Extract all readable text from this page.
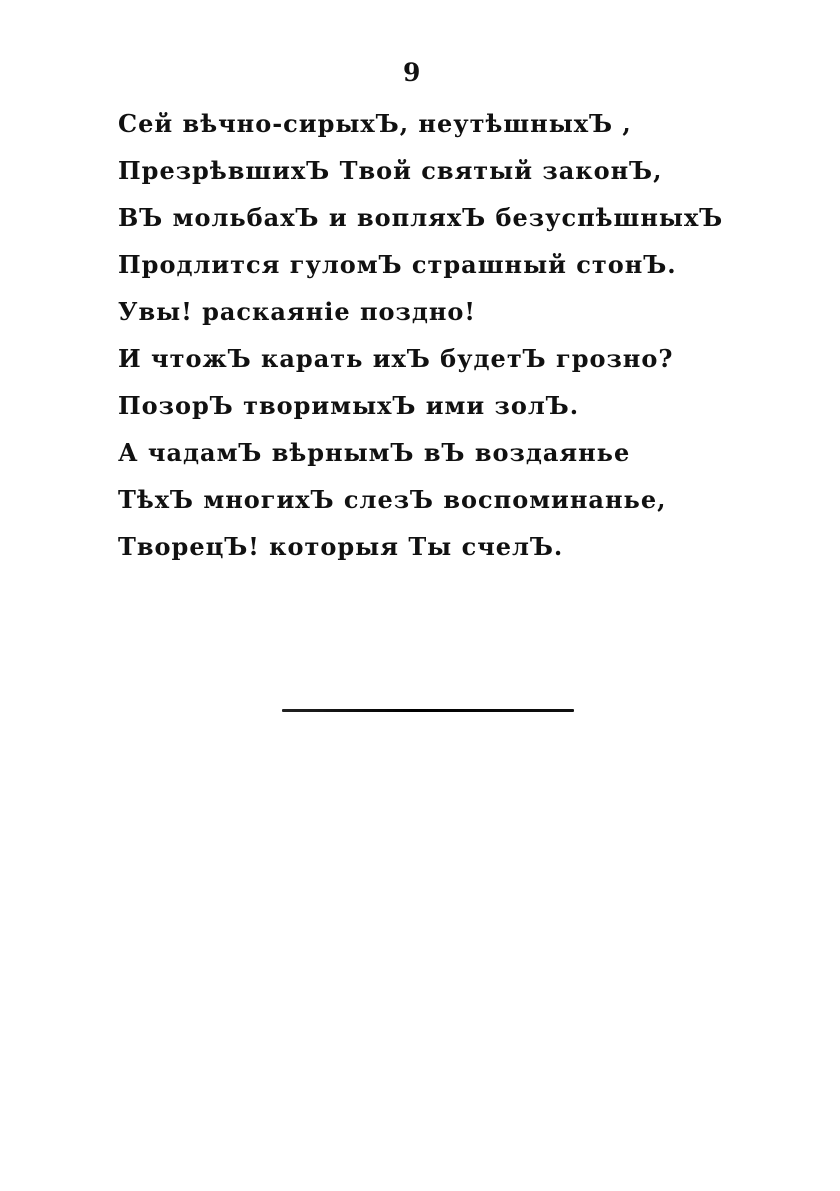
9
Сей вѣчно-сирыхЪ, неутѣшныхЪ ,
ПрезрѣвшихЪ Твой святый законЪ,
ВЪ мольбахЪ и вопляхЪ безуспѣшныхЪ
Продлится гуломЪ страшный стонЪ.
Увы! раскаяніе поздно!
И чтожЪ карать ихЪ будетЪ грозно?
ПозорЪ творимыхЪ ими золЪ.
А чадамЪ вѣрнымЪ вЪ воздаянье
ТѣхЪ многихЪ слезЪ воспоминанье,
ТворецЪ! которыя Ты счелЪ.
